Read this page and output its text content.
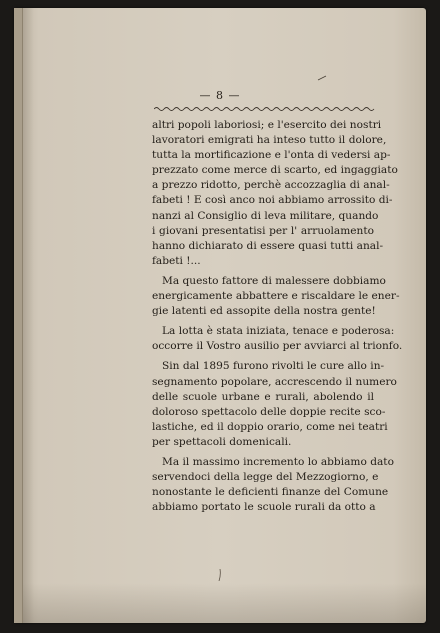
— 8 —
altri popoli laboriosi; e l'esercito dei nostri
lavoratori emigrati ha inteso tutto il dolore,
tutta la mortificazione e l'onta di vedersi ap-
prezzato come merce di scarto, ed ingaggiato
a prezzo ridotto, perchè accozzaglia di anal-
fabeti ! E così anco noi abbiamo arrossito di-
nanzi al Consiglio di leva militare, quando
i giovani presentatisi per l' arruolamento
hanno dichiarato di essere quasi tutti anal-
fabeti !...
Ma questo fattore di malessere dobbiamo
energicamente abbattere e riscaldare le ener-
gie latenti ed assopite della nostra gente!
La lotta è stata iniziata, tenace e poderosa:
occorre il Vostro ausilio per avviarci al trionfo.
Sin dal 1895 furono rivolti le cure allo in-
segnamento popolare, accrescendo il numero
delle scuole urbane e rurali, abolendo il
doloroso spettacolo delle doppie recite sco-
lastiche, ed il doppio orario, come nei teatri
per spettacoli domenicali.
Ma il massimo incremento lo abbiamo dato
servendoci della legge del Mezzogiorno, e
nonostante le deficienti finanze del Comune
abbiamo portato le scuole rurali da otto a
